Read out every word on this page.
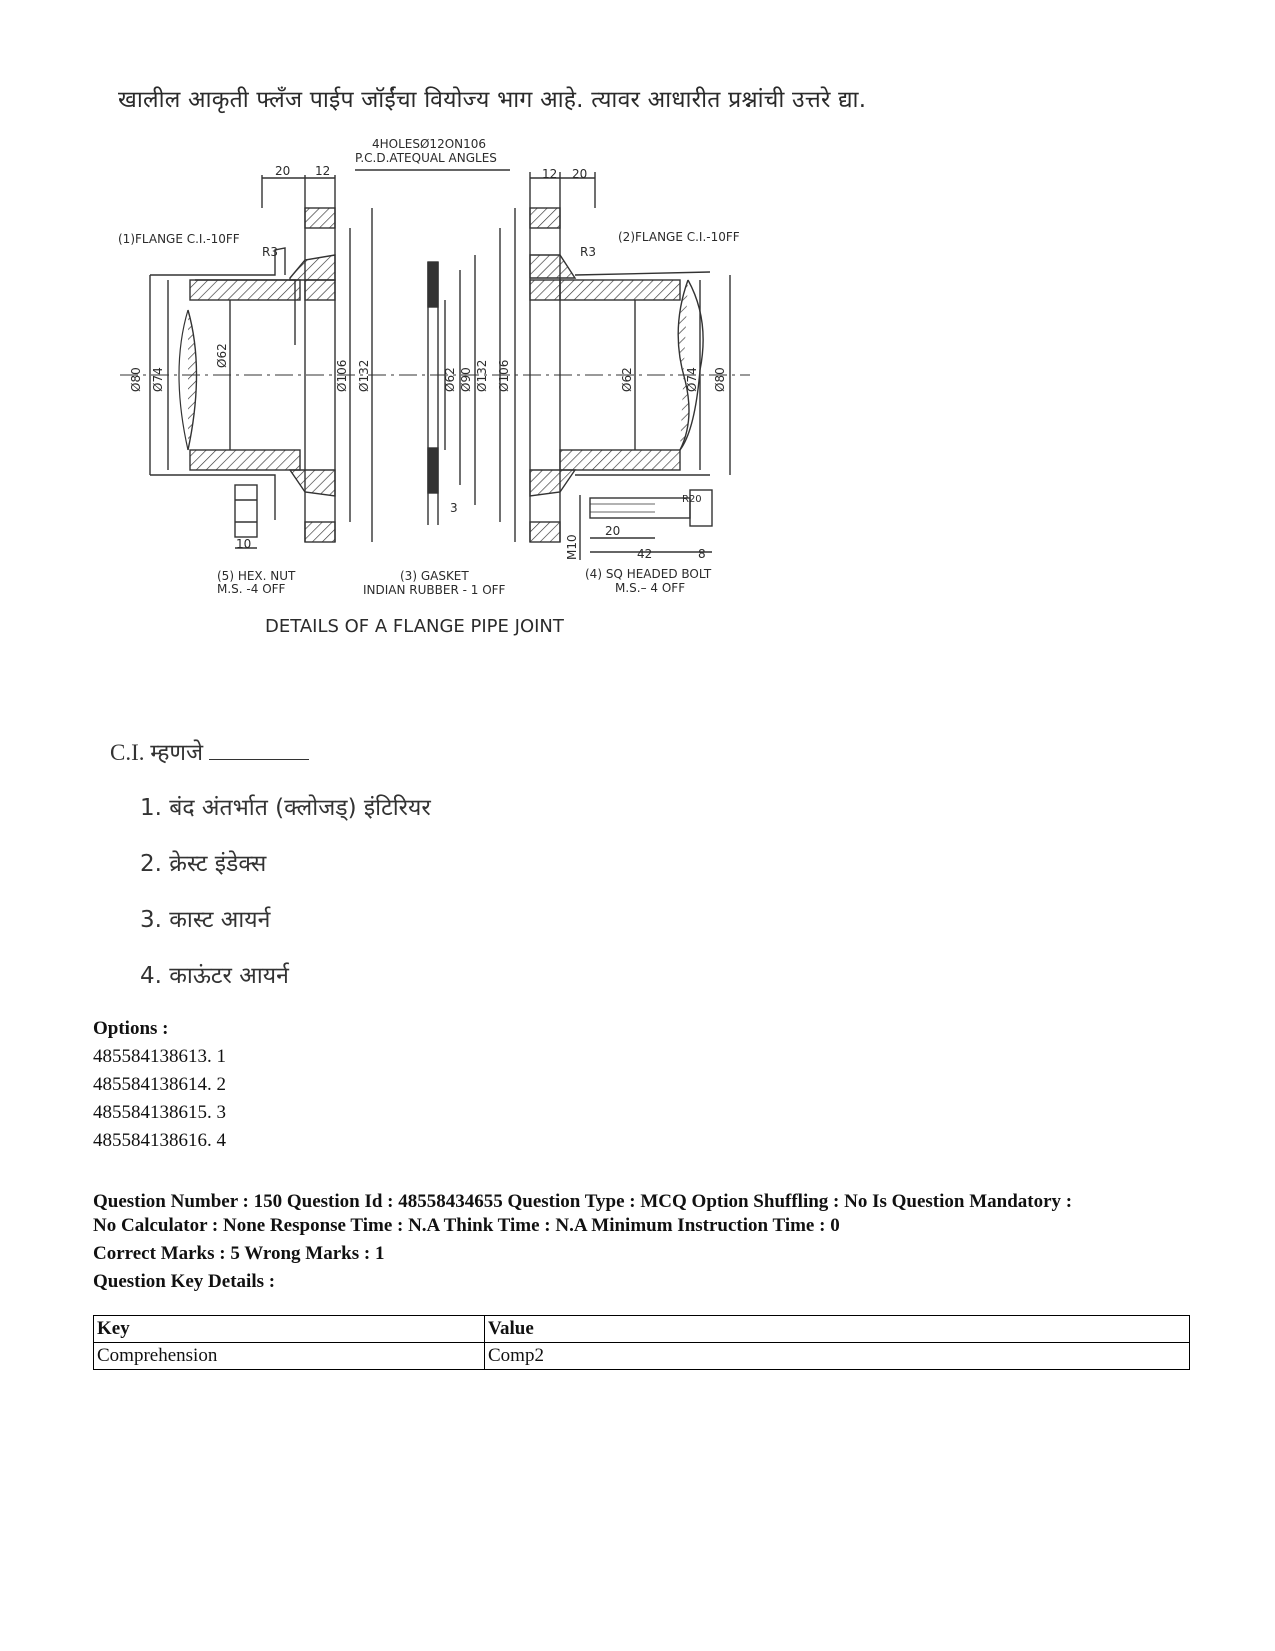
खालील आकृती फ्लँज पाईप जॉईंचा वियोज्य भाग आहे. त्यावर आधारीत प्रश्नांची उत्तरे द्या.
4HOLESØ12ON106
P.C.D.ATEQUAL ANGLES
20 12	12 20
(1)FLANGE C.I.-10FF	(2)FLANGE C.I.-10FF
R3	R3
Ø80 Ø74
Ø62
Ø106 Ø132	Ø62 Ø90 Ø132 Ø106	Ø62	Ø74 Ø80
3
10
20
42	8
R20
M10
(5) HEX. NUT
M.S. -4 OFF
(3) GASKET
INDIAN RUBBER - 1 OFF
(4) SQ HEADED BOLT
M.S.– 4 OFF
DETAILS OF A FLANGE PIPE JOINT
C.I. म्हणजे
1. बंद अंतर्भात (क्लोजड्) इंटिरियर
2. क्रेस्ट इंडेक्स
3. कास्ट आयर्न
4. काऊंटर आयर्न
Options :
485584138613. 1
485584138614. 2
485584138615. 3
485584138616. 4
Question Number : 150 Question Id : 48558434655 Question Type : MCQ Option Shuffling : No Is Question Mandatory :
No Calculator : None Response Time : N.A Think Time : N.A Minimum Instruction Time : 0
Correct Marks : 5 Wrong Marks : 1
Question Key Details :
Key	Value
Comprehension	Comp2
